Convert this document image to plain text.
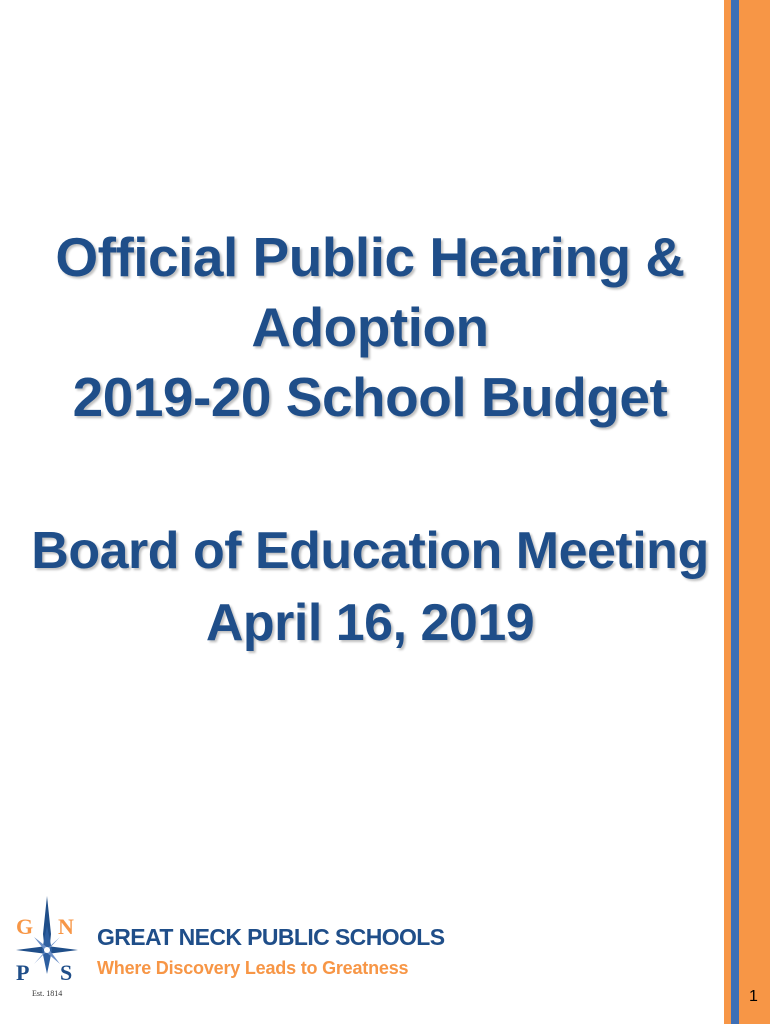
Official Public Hearing & Adoption
2019-20 School Budget
Board of Education Meeting
April 16, 2019
G N
P S
Est. 1814
GREAT NECK PUBLIC SCHOOLS
Where Discovery Leads to Greatness
1
